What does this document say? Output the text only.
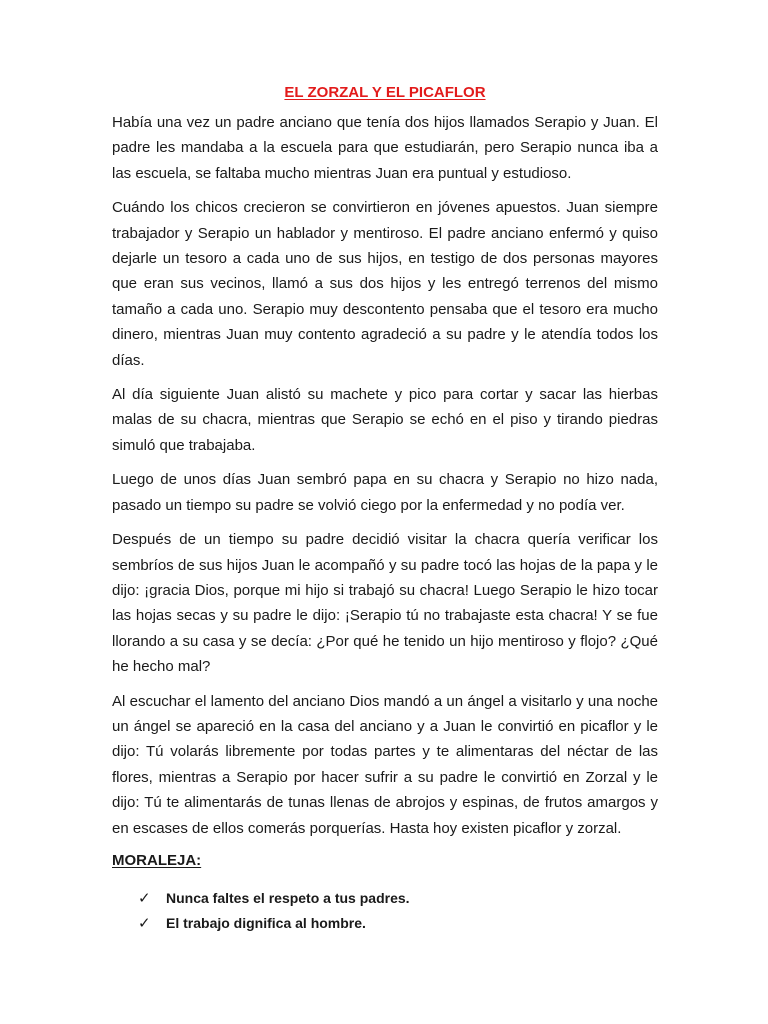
EL ZORZAL Y EL PICAFLOR

Había una vez un padre anciano que tenía dos hijos llamados Serapio y Juan. El padre les mandaba a la escuela para que estudiarán, pero Serapio nunca iba a las escuela, se faltaba mucho mientras Juan era puntual y estudioso.

Cuándo los chicos crecieron se convirtieron en jóvenes apuestos. Juan siempre trabajador y Serapio un hablador y mentiroso. El padre anciano enfermó y quiso dejarle un tesoro a cada uno de sus hijos, en testigo de dos personas mayores que eran sus vecinos, llamó a sus dos hijos y les entregó terrenos del mismo tamaño a cada uno. Serapio muy descontento pensaba que el tesoro era mucho dinero, mientras Juan muy contento agradeció a su padre y le atendía todos los días.

Al día siguiente Juan alistó su machete y pico para cortar y sacar las hierbas malas de su chacra, mientras que Serapio se echó en el piso y tirando piedras simuló que trabajaba.

Luego de unos días Juan sembró papa en su chacra y Serapio no hizo nada, pasado un tiempo su padre se volvió ciego por la enfermedad y no podía ver.

Después de un tiempo su padre decidió visitar la chacra quería verificar los sembríos de sus hijos Juan le acompañó y su padre tocó las hojas de la papa y le dijo: ¡gracia Dios, porque mi hijo si trabajó su chacra! Luego Serapio le hizo tocar las hojas secas y su padre le dijo: ¡Serapio tú no trabajaste esta chacra! Y se fue llorando a su casa y se decía: ¿Por qué he tenido un hijo mentiroso y flojo? ¿Qué he hecho mal?

Al escuchar el lamento del anciano Dios mandó a un ángel a visitarlo y una noche un ángel se apareció en la casa del anciano y a Juan le convirtió en picaflor y le dijo: Tú volarás libremente por todas partes y te alimentaras del néctar de las flores, mientras a Serapio por hacer sufrir a su padre le convirtió en Zorzal y le dijo: Tú te alimentarás de tunas llenas de abrojos y espinas, de frutos amargos y en escases de ellos comerás porquerías. Hasta hoy existen picaflor y zorzal.

MORALEJA:
✓	Nunca faltes el respeto a tus padres.
✓	El trabajo dignifica al hombre.
